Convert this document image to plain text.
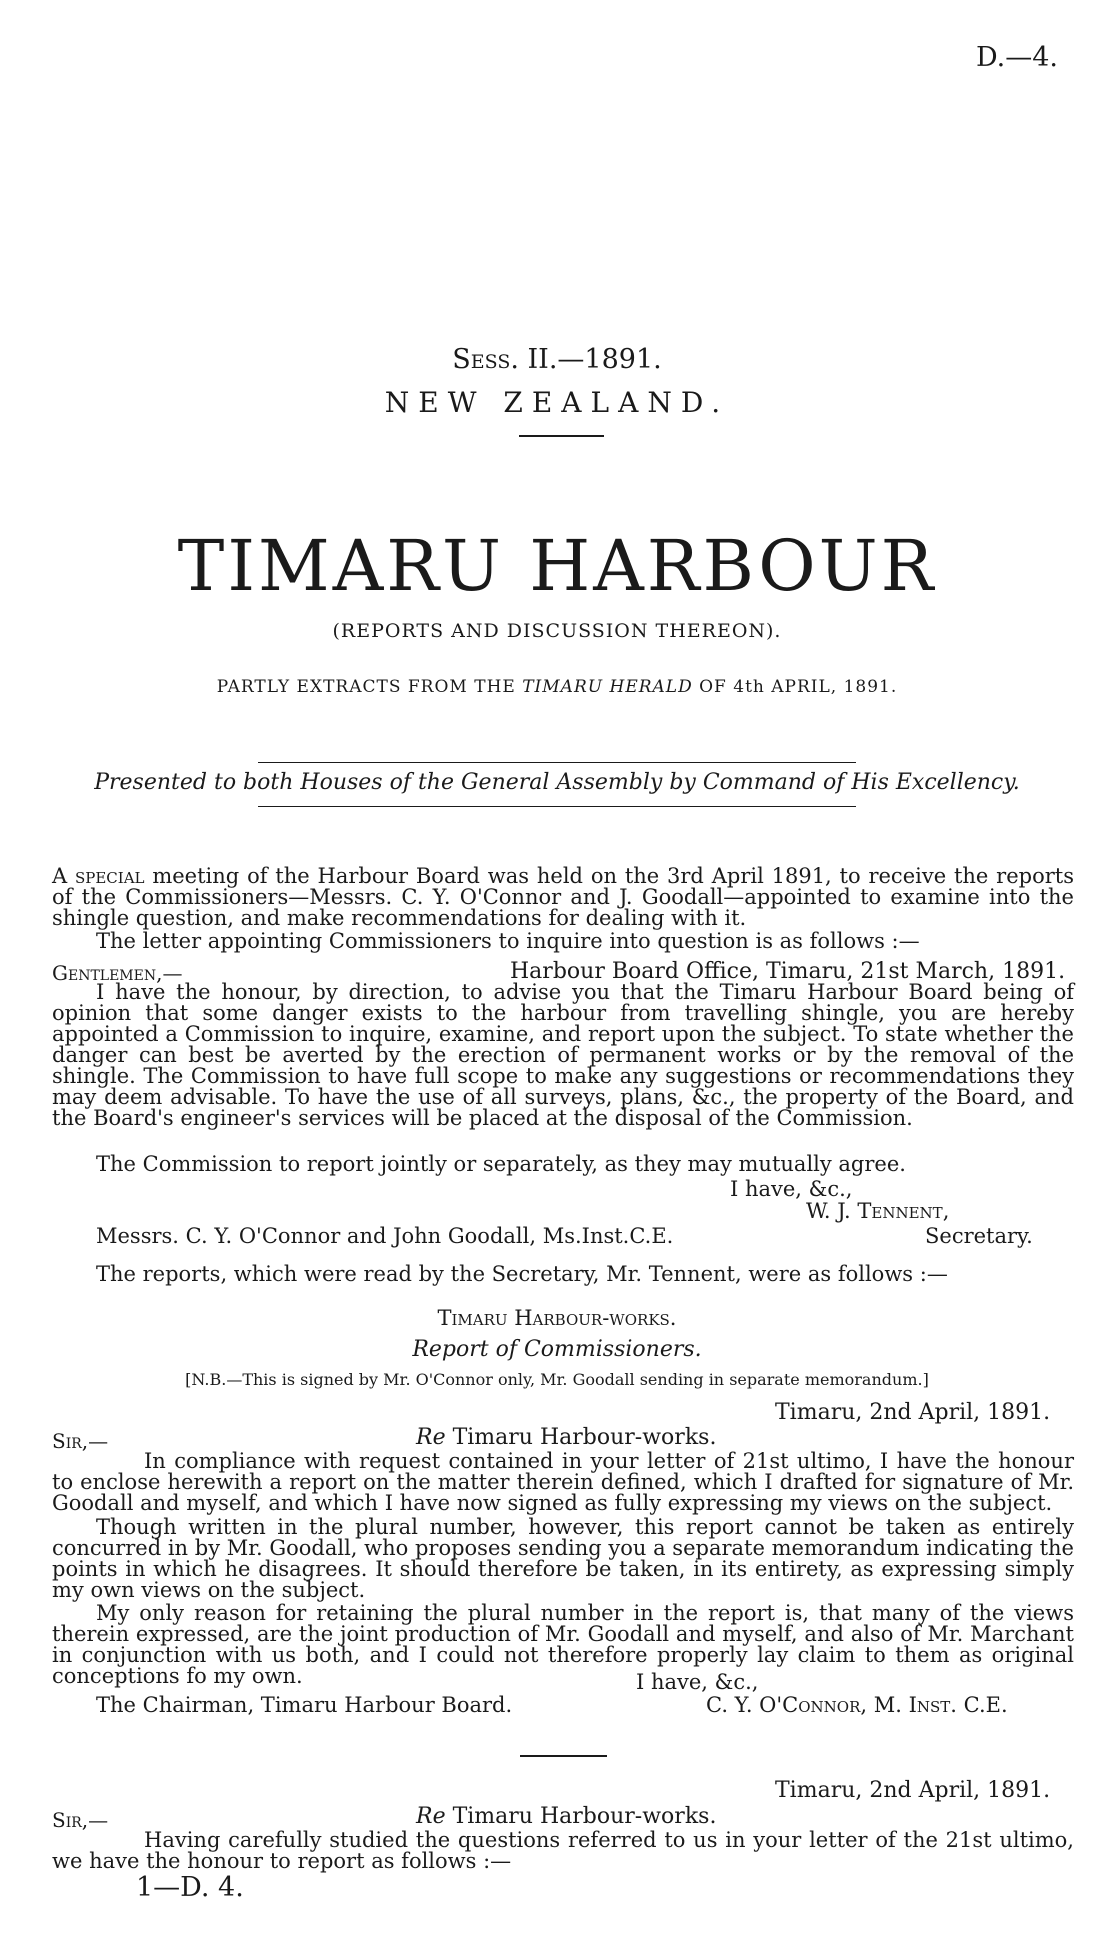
D.—4.
Sess. II.—1891.
NEW ZEALAND.
TIMARU HARBOUR
(REPORTS AND DISCUSSION THEREON).
PARTLY EXTRACTS FROM THE TIMARU HERALD OF 4th APRIL, 1891.
Presented to both Houses of the General Assembly by Command of His Excellency.

A special meeting of the Harbour Board was held on the 3rd April 1891, to receive the reports of the Commissioners—Messrs. C. Y. O'Connor and J. Goodall—appointed to examine into the shingle question, and make recommendations for dealing with it.

The letter appointing Commissioners to inquire into question is as follows :—

Gentlemen,—	Harbour Board Office, Timaru, 21st March, 1891.

I have the honour, by direction, to advise you that the Timaru Harbour Board being of opinion that some danger exists to the harbour from travelling shingle, you are hereby appointed a Commission to inquire, examine, and report upon the subject. To state whether the danger can best be averted by the erection of permanent works or by the removal of the shingle. The Commission to have full scope to make any suggestions or recommendations they may deem advisable. To have the use of all surveys, plans, &c., the property of the Board, and the Board's engineer's services will be placed at the disposal of the Commission.

The Commission to report jointly or separately, as they may mutually agree.

I have, &c.,
W. J. Tennent,
Messrs. C. Y. O'Connor and John Goodall, Ms.Inst.C.E.	Secretary.

The reports, which were read by the Secretary, Mr. Tennent, were as follows :—

Timaru Harbour-works.
Report of Commissioners.
[N.B.—This is signed by Mr. O'Connor only, Mr. Goodall sending in separate memorandum.]
Timaru, 2nd April, 1891.
Sir,—	Re Timaru Harbour-works.

In compliance with request contained in your letter of 21st ultimo, I have the honour to enclose herewith a report on the matter therein defined, which I drafted for signature of Mr. Goodall and myself, and which I have now signed as fully expressing my views on the subject.

Though written in the plural number, however, this report cannot be taken as entirely concurred in by Mr. Goodall, who proposes sending you a separate memorandum indicating the points in which he disagrees. It should therefore be taken, in its entirety, as expressing simply my own views on the subject.

My only reason for retaining the plural number in the report is, that many of the views therein expressed, are the joint production of Mr. Goodall and myself, and also of Mr. Marchant in conjunction with us both, and I could not therefore properly lay claim to them as original conceptions fo my own.	I have, &c.,
The Chairman, Timaru Harbour Board.	C. Y. O'Connor, M. Inst. C.E.
Timaru, 2nd April, 1891.
Sir,—	Re Timaru Harbour-works.

Having carefully studied the questions referred to us in your letter of the 21st ultimo, we have the honour to report as follows :—

1—D. 4.
